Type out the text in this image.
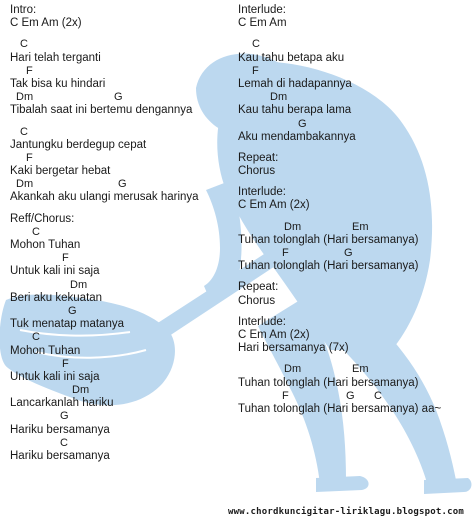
Intro:
C Em Am (2x)
C
Hari telah terganti
F
Tak bisa ku hindari
Dm	G
Tibalah saat ini bertemu dengannya
C
Jantungku berdegup cepat
F
Kaki bergetar hebat
Dm	G
Akankah aku ulangi merusak harinya
Reff/Chorus:
C
Mohon Tuhan
F
Untuk kali ini saja
Dm
Beri aku kekuatan
G
Tuk menatap matanya
C
Mohon Tuhan
F
Untuk kali ini saja
Dm
Lancarkanlah hariku
G
Hariku bersamanya
C
Hariku bersamanya
Interlude:
C Em Am
C
Kau tahu betapa aku
F
Lemah di hadapannya
Dm
Kau tahu berapa lama
G
Aku mendambakannya
Repeat:
Chorus
Interlude:
C Em Am (2x)
Dm	Em
Tuhan tolonglah (Hari bersamanya)
F	G
Tuhan tolonglah (Hari bersamanya)
Repeat:
Chorus
Interlude:
C Em Am (2x)
Hari bersamanya (7x)
Dm	Em
Tuhan tolonglah (Hari bersamanya)
F	G C
Tuhan tolonglah (Hari bersamanya) aa~
www.chordkuncigitar-liriklagu.blogspot.com
